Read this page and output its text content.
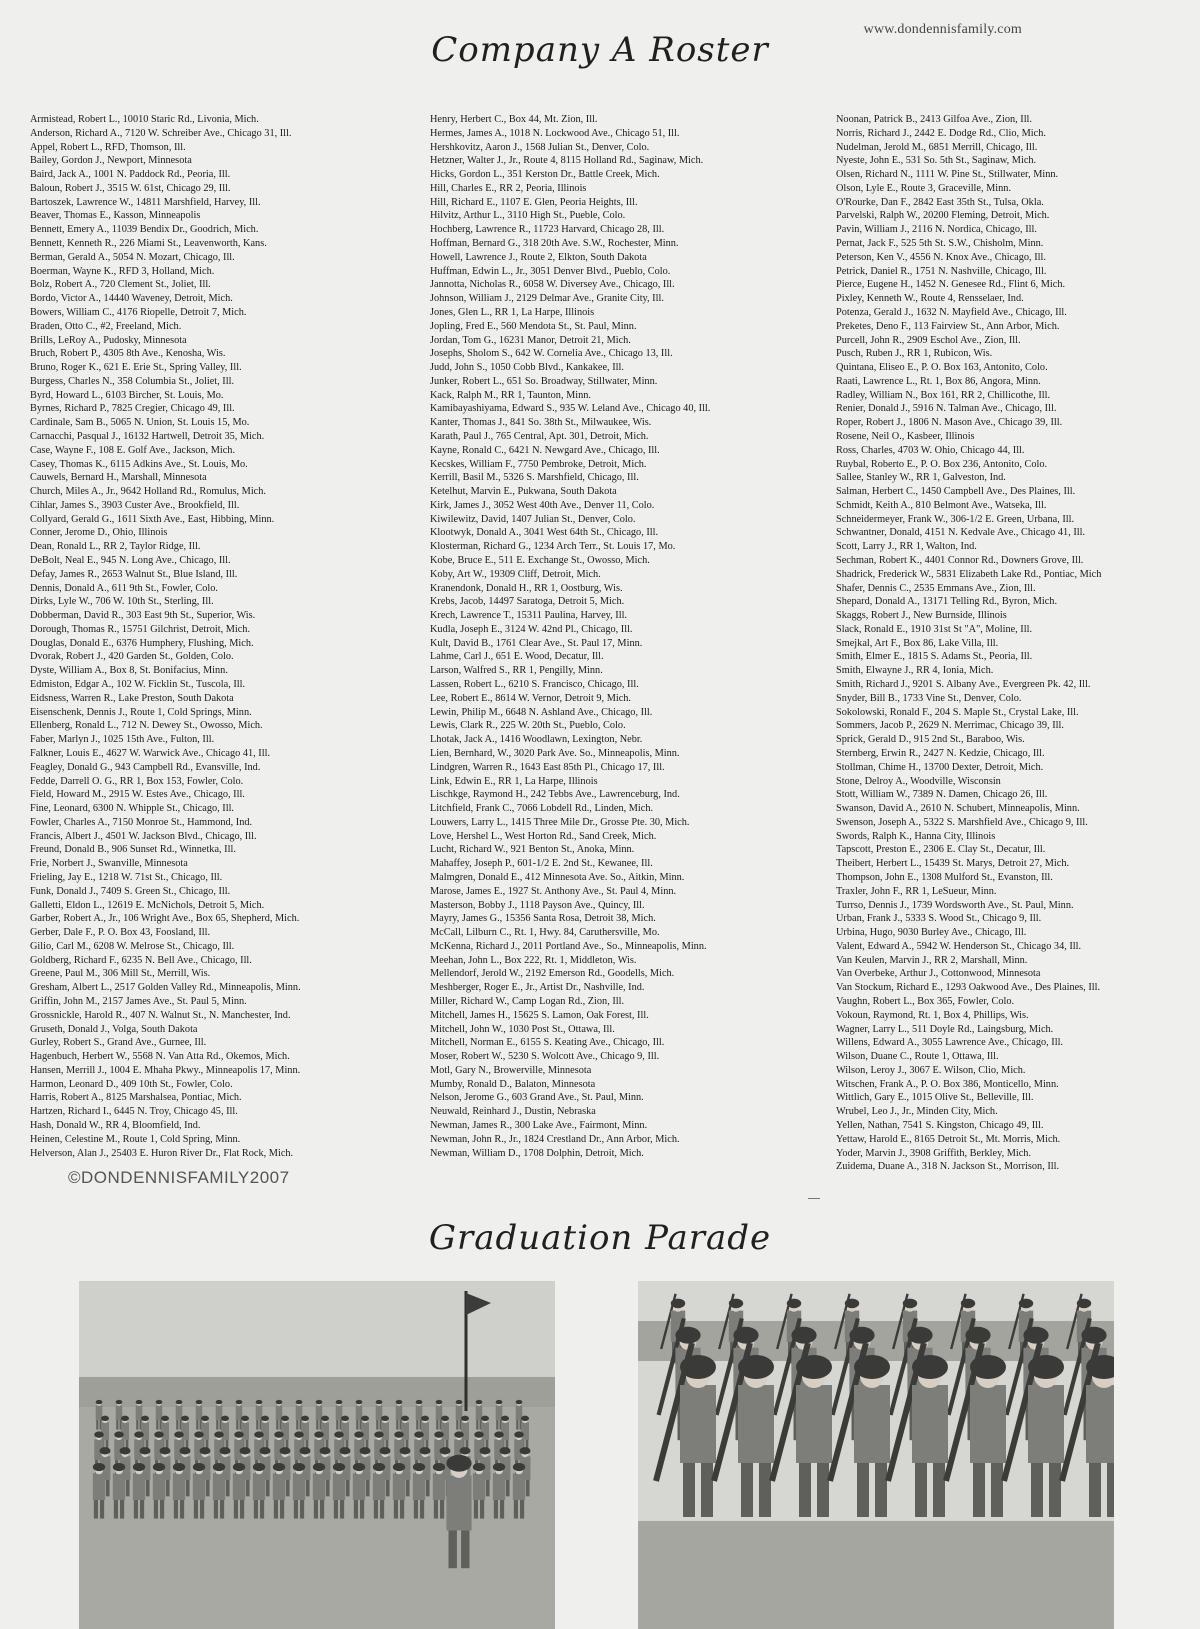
www.dondennisfamily.com
Company A Roster
Armistead, Robert L., 10010 Staric Rd., Livonia, Mich.
Anderson, Richard A., 7120 W. Schreiber Ave., Chicago 31, Ill.
Appel, Robert L., RFD, Thomson, Ill.
Bailey, Gordon J., Newport, Minnesota
Baird, Jack A., 1001 N. Paddock Rd., Peoria, Ill.
Baloun, Robert J., 3515 W. 61st, Chicago 29, Ill.
Bartoszek, Lawrence W., 14811 Marshfield, Harvey, Ill.
Beaver, Thomas E., Kasson, Minneapolis
Bennett, Emery A., 11039 Bendix Dr., Goodrich, Mich.
Bennett, Kenneth R., 226 Miami St., Leavenworth, Kans.
Berman, Gerald A., 5054 N. Mozart, Chicago, Ill.
Boerman, Wayne K., RFD 3, Holland, Mich.
Bolz, Robert A., 720 Clement St., Joliet, Ill.
Bordo, Victor A., 14440 Waveney, Detroit, Mich.
Bowers, William C., 4176 Riopelle, Detroit 7, Mich.
Braden, Otto C., #2, Freeland, Mich.
Brills, LeRoy A., Pudosky, Minnesota
Bruch, Robert P., 4305 8th Ave., Kenosha, Wis.
Bruno, Roger K., 621 E. Erie St., Spring Valley, Ill.
Burgess, Charles N., 358 Columbia St., Joliet, Ill.
Byrd, Howard L., 6103 Bircher, St. Louis, Mo.
Byrnes, Richard P., 7825 Cregier, Chicago 49, Ill.
Cardinale, Sam B., 5065 N. Union, St. Louis 15, Mo.
Carnacchi, Pasqual J., 16132 Hartwell, Detroit 35, Mich.
Case, Wayne F., 108 E. Golf Ave., Jackson, Mich.
Casey, Thomas K., 6115 Adkins Ave., St. Louis, Mo.
Cauwels, Bernard H., Marshall, Minnesota
Church, Miles A., Jr., 9642 Holland Rd., Romulus, Mich.
Cihlar, James S., 3903 Custer Ave., Brookfield, Ill.
Collyard, Gerald G., 1611 Sixth Ave., East, Hibbing, Minn.
Conner, Jerome D., Ohio, Illinois
Dean, Ronald L., RR 2, Taylor Ridge, Ill.
DeBolt, Neal E., 945 N. Long Ave., Chicago, Ill.
Defay, James R., 2653 Walnut St., Blue Island, Ill.
Dennis, Donald A., 611 9th St., Fowler, Colo.
Dirks, Lyle W., 706 W. 10th St., Sterling, Ill.
Dobberman, David R., 303 East 9th St., Superior, Wis.
Dorough, Thomas R., 15751 Gilchrist, Detroit, Mich.
Douglas, Donald E., 6376 Humphery, Flushing, Mich.
Dvorak, Robert J., 420 Garden St., Golden, Colo.
Dyste, William A., Box 8, St. Bonifacius, Minn.
Edmiston, Edgar A., 102 W. Ficklin St., Tuscola, Ill.
Eidsness, Warren R., Lake Preston, South Dakota
Eisenschenk, Dennis J., Route 1, Cold Springs, Minn.
Ellenberg, Ronald L., 712 N. Dewey St., Owosso, Mich.
Faber, Marlyn J., 1025 15th Ave., Fulton, Ill.
Falkner, Louis E., 4627 W. Warwick Ave., Chicago 41, Ill.
Feagley, Donald G., 943 Campbell Rd., Evansville, Ind.
Fedde, Darrell O. G., RR 1, Box 153, Fowler, Colo.
Field, Howard M., 2915 W. Estes Ave., Chicago, Ill.
Fine, Leonard, 6300 N. Whipple St., Chicago, Ill.
Fowler, Charles A., 7150 Monroe St., Hammond, Ind.
Francis, Albert J., 4501 W. Jackson Blvd., Chicago, Ill.
Freund, Donald B., 906 Sunset Rd., Winnetka, Ill.
Frie, Norbert J., Swanville, Minnesota
Frieling, Jay E., 1218 W. 71st St., Chicago, Ill.
Funk, Donald J., 7409 S. Green St., Chicago, Ill.
Galletti, Eldon L., 12619 E. McNichols, Detroit 5, Mich.
Garber, Robert A., Jr., 106 Wright Ave., Box 65, Shepherd, Mich.
Gerber, Dale F., P. O. Box 43, Foosland, Ill.
Gilio, Carl M., 6208 W. Melrose St., Chicago, Ill.
Goldberg, Richard F., 6235 N. Bell Ave., Chicago, Ill.
Greene, Paul M., 306 Mill St., Merrill, Wis.
Gresham, Albert L., 2517 Golden Valley Rd., Minneapolis, Minn.
Griffin, John M., 2157 James Ave., St. Paul 5, Minn.
Grossnickle, Harold R., 407 N. Walnut St., N. Manchester, Ind.
Gruseth, Donald J., Volga, South Dakota
Gurley, Robert S., Grand Ave., Gurnee, Ill.
Hagenbuch, Herbert W., 5568 N. Van Atta Rd., Okemos, Mich.
Hansen, Merrill J., 1004 E. Mhaha Pkwy., Minneapolis 17, Minn.
Harmon, Leonard D., 409 10th St., Fowler, Colo.
Harris, Robert A., 8125 Marshalsea, Pontiac, Mich.
Hartzen, Richard I., 6445 N. Troy, Chicago 45, Ill.
Hash, Donald W., RR 4, Bloomfield, Ind.
Heinen, Celestine M., Route 1, Cold Spring, Minn.
Helverson, Alan J., 25403 E. Huron River Dr., Flat Rock, Mich.
Henry, Herbert C., Box 44, Mt. Zion, Ill.
Hermes, James A., 1018 N. Lockwood Ave., Chicago 51, Ill.
Hershkovitz, Aaron J., 1568 Julian St., Denver, Colo.
Hetzner, Walter J., Jr., Route 4, 8115 Holland Rd., Saginaw, Mich.
Hicks, Gordon L., 351 Kerston Dr., Battle Creek, Mich.
Hill, Charles E., RR 2, Peoria, Illinois
Hill, Richard E., 1107 E. Glen, Peoria Heights, Ill.
Hilvitz, Arthur L., 3110 High St., Pueble, Colo.
Hochberg, Lawrence R., 11723 Harvard, Chicago 28, Ill.
Hoffman, Bernard G., 318 20th Ave. S.W., Rochester, Minn.
Howell, Lawrence J., Route 2, Elkton, South Dakota
Huffman, Edwin L., Jr., 3051 Denver Blvd., Pueblo, Colo.
Jannotta, Nicholas R., 6058 W. Diversey Ave., Chicago, Ill.
Johnson, William J., 2129 Delmar Ave., Granite City, Ill.
Jones, Glen L., RR 1, La Harpe, Illinois
Jopling, Fred E., 560 Mendota St., St. Paul, Minn.
Jordan, Tom G., 16231 Manor, Detroit 21, Mich.
Josephs, Sholom S., 642 W. Cornelia Ave., Chicago 13, Ill.
Judd, John S., 1050 Cobb Blvd., Kankakee, Ill.
Junker, Robert L., 651 So. Broadway, Stillwater, Minn.
Kack, Ralph M., RR 1, Taunton, Minn.
Kamibayashiyama, Edward S., 935 W. Leland Ave., Chicago 40, Ill.
Kanter, Thomas J., 841 So. 38th St., Milwaukee, Wis.
Karath, Paul J., 765 Central, Apt. 301, Detroit, Mich.
Kayne, Ronald C., 6421 N. Newgard Ave., Chicago, Ill.
Kecskes, William F., 7750 Pembroke, Detroit, Mich.
Kerrill, Basil M., 5326 S. Marshfield, Chicago, Ill.
Ketelhut, Marvin E., Pukwana, South Dakota
Kirk, James J., 3052 West 40th Ave., Denver 11, Colo.
Kiwilewitz, David, 1407 Julian St., Denver, Colo.
Klootwyk, Donald A., 3041 West 64th St., Chicago, Ill.
Klosterman, Richard G., 1234 Arch Terr., St. Louis 17, Mo.
Kobe, Bruce E., 511 E. Exchange St., Owosso, Mich.
Koby, Art W., 19309 Cliff, Detroit, Mich.
Kranendonk, Donald H., RR 1, Oostburg, Wis.
Krebs, Jacob, 14497 Saratoga, Detroit 5, Mich.
Krech, Lawrence T., 15311 Paulina, Harvey, Ill.
Kudla, Joseph E., 3124 W. 42nd Pl., Chicago, Ill.
Kult, David B., 1761 Clear Ave., St. Paul 17, Minn.
Lahme, Carl J., 651 E. Wood, Decatur, Ill.
Larson, Walfred S., RR 1, Pengilly, Minn.
Lassen, Robert L., 6210 S. Francisco, Chicago, Ill.
Lee, Robert E., 8614 W. Vernor, Detroit 9, Mich.
Lewin, Philip M., 6648 N. Ashland Ave., Chicago, Ill.
Lewis, Clark R., 225 W. 20th St., Pueblo, Colo.
Lhotak, Jack A., 1416 Woodlawn, Lexington, Nebr.
Lien, Bernhard, W., 3020 Park Ave. So., Minneapolis, Minn.
Lindgren, Warren R., 1643 East 85th Pl., Chicago 17, Ill.
Link, Edwin E., RR 1, La Harpe, Illinois
Lischkge, Raymond H., 242 Tebbs Ave., Lawrenceburg, Ind.
Litchfield, Frank C., 7066 Lobdell Rd., Linden, Mich.
Louwers, Larry L., 1415 Three Mile Dr., Grosse Pte. 30, Mich.
Love, Hershel L., West Horton Rd., Sand Creek, Mich.
Lucht, Richard W., 921 Benton St., Anoka, Minn.
Mahaffey, Joseph P., 601-1/2 E. 2nd St., Kewanee, Ill.
Malmgren, Donald E., 412 Minnesota Ave. So., Aitkin, Minn.
Marose, James E., 1927 St. Anthony Ave., St. Paul 4, Minn.
Masterson, Bobby J., 1118 Payson Ave., Quincy, Ill.
Mayry, James G., 15356 Santa Rosa, Detroit 38, Mich.
McCall, Lilburn C., Rt. 1, Hwy. 84, Caruthersville, Mo.
McKenna, Richard J., 2011 Portland Ave., So., Minneapolis, Minn.
Meehan, John L., Box 222, Rt. 1, Middleton, Wis.
Mellendorf, Jerold W., 2192 Emerson Rd., Goodells, Mich.
Meshberger, Roger E., Jr., Artist Dr., Nashville, Ind.
Miller, Richard W., Camp Logan Rd., Zion, Ill.
Mitchell, James H., 15625 S. Lamon, Oak Forest, Ill.
Mitchell, John W., 1030 Post St., Ottawa, Ill.
Mitchell, Norman E., 6155 S. Keating Ave., Chicago, Ill.
Moser, Robert W., 5230 S. Wolcott Ave., Chicago 9, Ill.
Motl, Gary N., Browerville, Minnesota
Mumby, Ronald D., Balaton, Minnesota
Nelson, Jerome G., 603 Grand Ave., St. Paul, Minn.
Neuwald, Reinhard J., Dustin, Nebraska
Newman, James R., 300 Lake Ave., Fairmont, Minn.
Newman, John R., Jr., 1824 Crestland Dr., Ann Arbor, Mich.
Newman, William D., 1708 Dolphin, Detroit, Mich.
Noonan, Patrick B., 2413 Gilfoa Ave., Zion, Ill.
Norris, Richard J., 2442 E. Dodge Rd., Clio, Mich.
Nudelman, Jerold M., 6851 Merrill, Chicago, Ill.
Nyeste, John E., 531 So. 5th St., Saginaw, Mich.
Olsen, Richard N., 1111 W. Pine St., Stillwater, Minn.
Olson, Lyle E., Route 3, Graceville, Minn.
O'Rourke, Dan F., 2842 East 35th St., Tulsa, Okla.
Parvelski, Ralph W., 20200 Fleming, Detroit, Mich.
Pavin, William J., 2116 N. Nordica, Chicago, Ill.
Pernat, Jack F., 525 5th St. S.W., Chisholm, Minn.
Peterson, Ken V., 4556 N. Knox Ave., Chicago, Ill.
Petrick, Daniel R., 1751 N. Nashville, Chicago, Ill.
Pierce, Eugene H., 1452 N. Genesee Rd., Flint 6, Mich.
Pixley, Kenneth W., Route 4, Rensselaer, Ind.
Potenza, Gerald J., 1632 N. Mayfield Ave., Chicago, Ill.
Preketes, Deno F., 113 Fairview St., Ann Arbor, Mich.
Purcell, John R., 2909 Eschol Ave., Zion, Ill.
Pusch, Ruben J., RR 1, Rubicon, Wis.
Quintana, Eliseo E., P. O. Box 163, Antonito, Colo.
Raati, Lawrence L., Rt. 1, Box 86, Angora, Minn.
Radley, William N., Box 161, RR 2, Chillicothe, Ill.
Renier, Donald J., 5916 N. Talman Ave., Chicago, Ill.
Roper, Robert J., 1806 N. Mason Ave., Chicago 39, Ill.
Rosene, Neil O., Kasbeer, Illinois
Ross, Charles, 4703 W. Ohio, Chicago 44, Ill.
Ruybal, Roberto E., P. O. Box 236, Antonito, Colo.
Sallee, Stanley W., RR 1, Galveston, Ind.
Salman, Herbert C., 1450 Campbell Ave., Des Plaines, Ill.
Schmidt, Keith A., 810 Belmont Ave., Watseka, Ill.
Schneidermeyer, Frank W., 306-1/2 E. Green, Urbana, Ill.
Schwantner, Donald, 4151 N. Kedvale Ave., Chicago 41, Ill.
Scott, Larry J., RR 1, Walton, Ind.
Sechman, Robert K., 4401 Connor Rd., Downers Grove, Ill.
Shadrick, Frederick W., 5831 Elizabeth Lake Rd., Pontiac, Mich
Shafer, Dennis C., 2535 Emmans Ave., Zion, Ill.
Shepard, Donald A., 13171 Telling Rd., Byron, Mich.
Skaggs, Robert J., New Burnside, Illinois
Slack, Ronald E., 1910 31st St "A", Moline, Ill.
Smejkal, Art F., Box 86, Lake Villa, Ill.
Smith, Elmer E., 1815 S. Adams St., Peoria, Ill.
Smith, Elwayne J., RR 4, Ionia, Mich.
Smith, Richard J., 9201 S. Albany Ave., Evergreen Pk. 42, Ill.
Snyder, Bill B., 1733 Vine St., Denver, Colo.
Sokolowski, Ronald F., 204 S. Maple St., Crystal Lake, Ill.
Sommers, Jacob P., 2629 N. Merrimac, Chicago 39, Ill.
Sprick, Gerald D., 915 2nd St., Baraboo, Wis.
Sternberg, Erwin R., 2427 N. Kedzie, Chicago, Ill.
Stollman, Chime H., 13700 Dexter, Detroit, Mich.
Stone, Delroy A., Woodville, Wisconsin
Stott, William W., 7389 N. Damen, Chicago 26, Ill.
Swanson, David A., 2610 N. Schubert, Minneapolis, Minn.
Swenson, Joseph A., 5322 S. Marshfield Ave., Chicago 9, Ill.
Swords, Ralph K., Hanna City, Illinois
Tapscott, Preston E., 2306 E. Clay St., Decatur, Ill.
Theibert, Herbert L., 15439 St. Marys, Detroit 27, Mich.
Thompson, John E., 1308 Mulford St., Evanston, Ill.
Traxler, John F., RR 1, LeSueur, Minn.
Turrso, Dennis J., 1739 Wordsworth Ave., St. Paul, Minn.
Urban, Frank J., 5333 S. Wood St., Chicago 9, Ill.
Urbina, Hugo, 9030 Burley Ave., Chicago, Ill.
Valent, Edward A., 5942 W. Henderson St., Chicago 34, Ill.
Van Keulen, Marvin J., RR 2, Marshall, Minn.
Van Overbeke, Arthur J., Cottonwood, Minnesota
Van Stockum, Richard E., 1293 Oakwood Ave., Des Plaines, Ill.
Vaughn, Robert L., Box 365, Fowler, Colo.
Vokoun, Raymond, Rt. 1, Box 4, Phillips, Wis.
Wagner, Larry L., 511 Doyle Rd., Laingsburg, Mich.
Willens, Edward A., 3055 Lawrence Ave., Chicago, Ill.
Wilson, Duane C., Route 1, Ottawa, Ill.
Wilson, Leroy J., 3067 E. Wilson, Clio, Mich.
Witschen, Frank A., P. O. Box 386, Monticello, Minn.
Wittlich, Gary E., 1015 Olive St., Belleville, Ill.
Wrubel, Leo J., Jr., Minden City, Mich.
Yellen, Nathan, 7541 S. Kingston, Chicago 49, Ill.
Yettaw, Harold E., 8165 Detroit St., Mt. Morris, Mich.
Yoder, Marvin J., 3908 Griffith, Berkley, Mich.
Zuidema, Duane A., 318 N. Jackson St., Morrison, Ill.
©DONDENNISFAMILY2007
Graduation Parade
